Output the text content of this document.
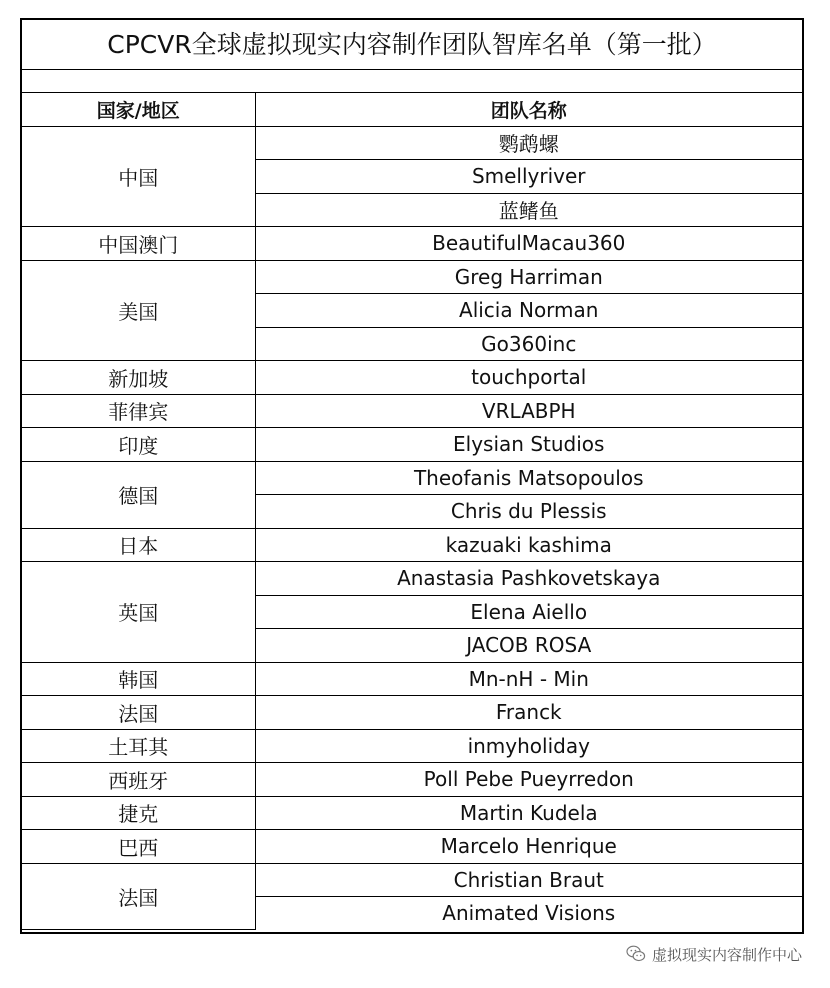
CPCVR全球虚拟现实内容制作团队智库名单（第一批）
国家/地区	团队名称
中国	鹦鹉螺
	Smellyriver
	蓝鳍鱼
中国澳门	BeautifulMacau360
美国	Greg Harriman
	Alicia Norman
	Go360inc
新加坡	touchportal
菲律宾	VRLABPH
印度	Elysian Studios
德国	Theofanis Matsopoulos
	Chris du Plessis
日本	kazuaki kashima
英国	Anastasia Pashkovetskaya
	Elena Aiello
	JACOB ROSA
韩国	Mn-nH - Min
法国	Franck
土耳其	inmyholiday
西班牙	Poll Pebe Pueyrredon
捷克	Martin Kudela
巴西	Marcelo Henrique
法国	Christian Braut
	Animated Visions
虚拟现实内容制作中心
